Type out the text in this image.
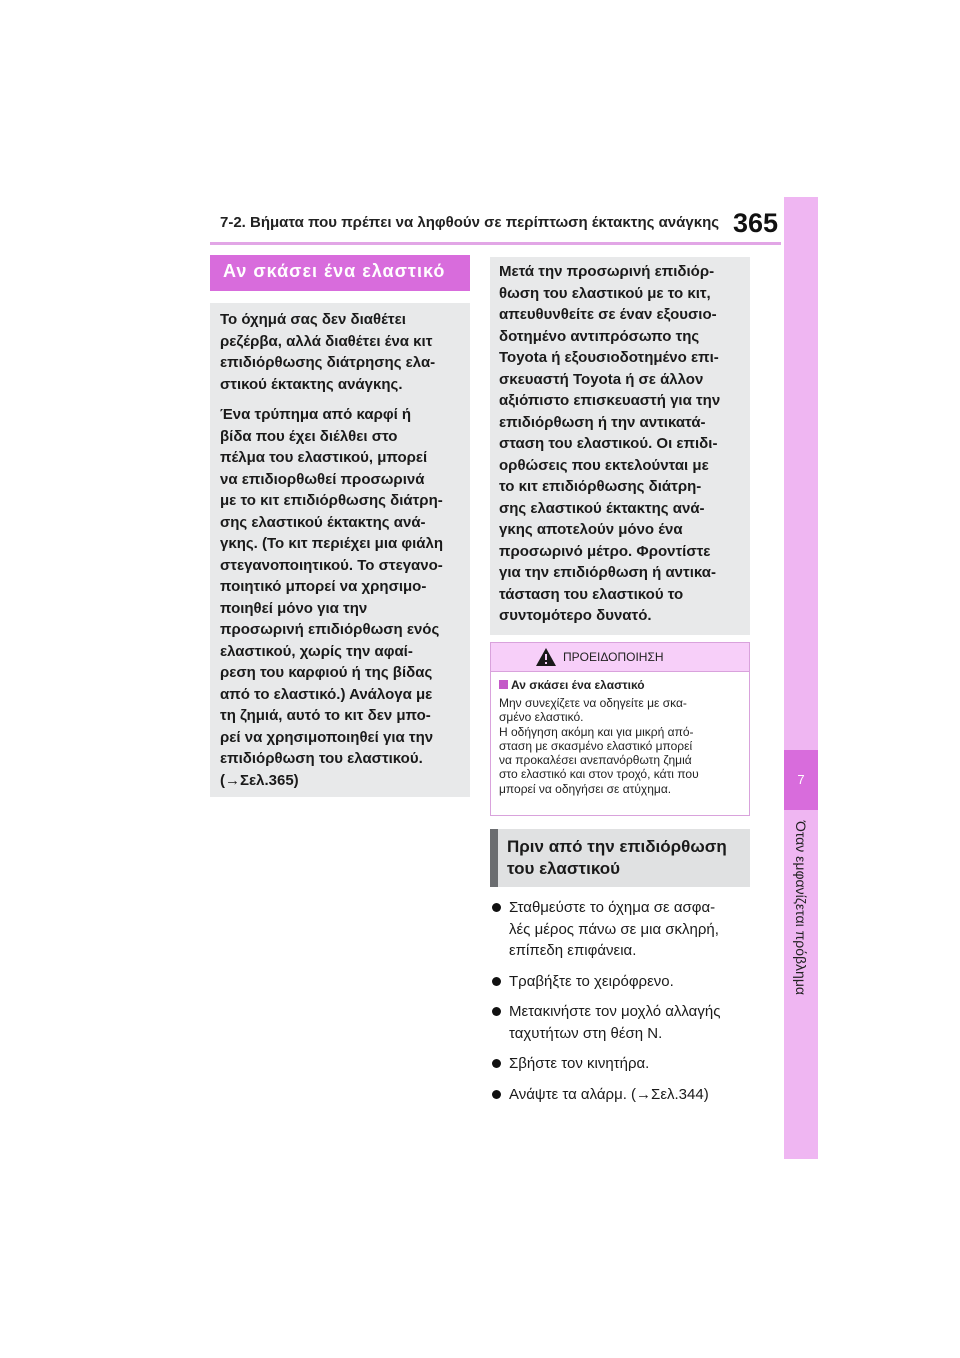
7-2. Βήματα που πρέπει να ληφθούν σε περίπτωση έκτακτης ανάγκης 365
7
Όταν εμφανίζεται πρόβλημα
Αν σκάσει ένα ελαστικό
Το όχημά σας δεν διαθέτει
ρεζέρβα, αλλά διαθέτει ένα κιτ
επιδιόρθωσης διάτρησης ελα-
στικού έκτακτης ανάγκης.
Ένα τρύπημα από καρφί ή
βίδα που έχει διέλθει στο
πέλμα του ελαστικού, μπορεί
να επιδιορθωθεί προσωρινά
με το κιτ επιδιόρθωσης διάτρη-
σης ελαστικού έκτακτης ανά-
γκης. (Το κιτ περιέχει μια φιάλη
στεγανοποιητικού. Το στεγανο-
ποιητικό μπορεί να χρησιμο-
ποιηθεί μόνο για την
προσωρινή επιδιόρθωση ενός
ελαστικού, χωρίς την αφαί-
ρεση του καρφιού ή της βίδας
από το ελαστικό.) Ανάλογα με
τη ζημιά, αυτό το κιτ δεν μπο-
ρεί να χρησιμοποιηθεί για την
επιδιόρθωση του ελαστικού.
(→Σελ.365)
Μετά την προσωρινή επιδιόρ-
θωση του ελαστικού με το κιτ,
απευθυνθείτε σε έναν εξουσιο-
δοτημένο αντιπρόσωπο της
Toyota ή εξουσιοδοτημένο επι-
σκευαστή Toyota ή σε άλλον
αξιόπιστο επισκευαστή για την
επιδιόρθωση ή την αντικατά-
σταση του ελαστικού. Οι επιδι-
ορθώσεις που εκτελούνται με
το κιτ επιδιόρθωσης διάτρη-
σης ελαστικού έκτακτης ανά-
γκης αποτελούν μόνο ένα
προσωρινό μέτρο. Φροντίστε
για την επιδιόρθωση ή αντικα-
τάσταση του ελαστικού το
συντομότερο δυνατό.
ΠΡΟΕΙΔΟΠΟΙΗΣΗ
Αν σκάσει ένα ελαστικό
Μην συνεχίζετε να οδηγείτε με σκα-
σμένο ελαστικό.
Η οδήγηση ακόμη και για μικρή από-
σταση με σκασμένο ελαστικό μπορεί
να προκαλέσει ανεπανόρθωτη ζημιά
στο ελαστικό και στον τροχό, κάτι που
μπορεί να οδηγήσει σε ατύχημα.
Πριν από την επιδιόρθωση
του ελαστικού
Σταθμεύστε το όχημα σε ασφα-
λές μέρος πάνω σε μια σκληρή,
επίπεδη επιφάνεια.
Τραβήξτε το χειρόφρενο.
Μετακινήστε τον μοχλό αλλαγής
ταχυτήτων στη θέση N.
Σβήστε τον κινητήρα.
Ανάψτε τα αλάρμ. (→Σελ.344)
